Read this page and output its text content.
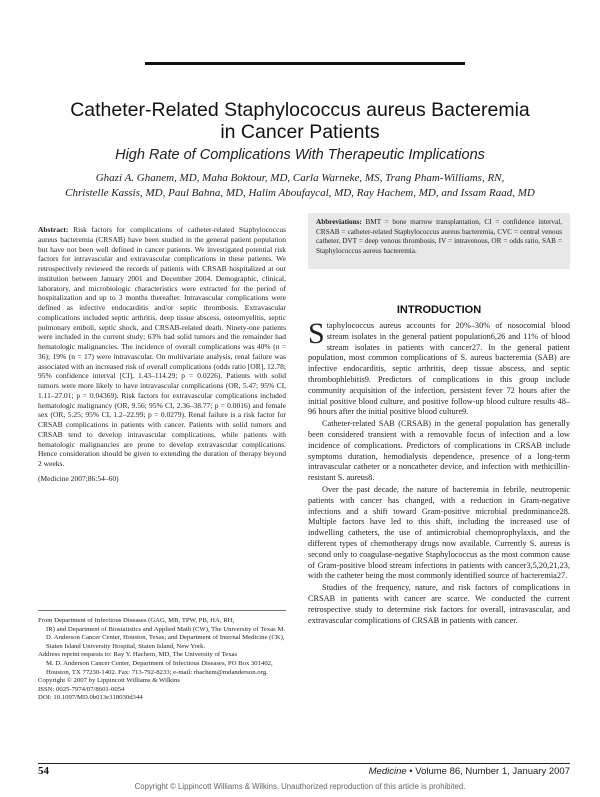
Catheter-Related Staphylococcus aureus Bacteremia
in Cancer Patients
High Rate of Complications With Therapeutic Implications
Ghazi A. Ghanem, MD, Maha Boktour, MD, Carla Warneke, MS, Trang Pham-Williams, RN,
Christelle Kassis, MD, Paul Bahna, MD, Halim Aboufaycal, MD, Ray Hachem, MD, and Issam Raad, MD
Abstract: Risk factors for complications of catheter-related Staphylococcus aureus bacteremia (CRSAB) have been studied in the general patient population but have not been well defined in cancer patients. We investigated potential risk factors for intravascular and extravascular complications in these patients. We retrospectively reviewed the records of patients with CRSAB hospitalized at our institution between January 2001 and December 2004. Demographic, clinical, laboratory, and microbiologic characteristics were extracted for the period of hospitalization and up to 3 months thereafter. Intravascular complications were defined as infective endocarditis and/or septic thrombosis. Extravascular complications included septic arthritis, deep tissue abscess, osteomyelitis, septic pulmonary emboli, septic shock, and CRSAB-related death. Ninety-one patients were included in the current study; 63% had solid tumors and the remainder had hematologic malignancies. The incidence of overall complications was 40% (n = 36); 19% (n = 17) were intravascular. On multivariate analysis, renal failure was associated with an increased risk of overall complications (odds ratio [OR], 12.78; 95% confidence interval [CI], 1.43–114.29; p = 0.0226). Patients with solid tumors were more likely to have intravascular complications (OR, 5.47; 95% CI, 1.11–27.01; p = 0.04369). Risk factors for extravascular complications included hematologic malignancy (OR, 9.56; 95% CI, 2.36–38.77; p = 0.0016) and female sex (OR, 5.25; 95% CI, 1.2–22.99; p = 0.0279). Renal failure is a risk factor for CRSAB complications in patients with cancer. Patients with solid tumors and CRSAB tend to develop intravascular complications, while patients with hematologic malignancies are prone to develop extravascular complications. Hence consideration should be given to extending the duration of therapy beyond 2 weeks.
(Medicine 2007;86:54–60)
Abbreviations: BMT = bone marrow transplantation, CI = confidence interval, CRSAB = catheter-related Staphylococcus aureus bacteremia, CVC = central venous catheter, DVT = deep venous thrombosis, IV = intravenous, OR = odds ratio, SAB = Staphylococcus aureus bacteremia.
INTRODUCTION

Staphylococcus aureus accounts for 20%–30% of nosocomial blood stream isolates in the general patient population6,26 and 11% of blood stream isolates in patients with cancer27. In the general patient population, most common complications of S. aureus bacteremia (SAB) are infective endocarditis, septic arthritis, deep tissue abscess, and septic thrombophlebitis9. Predictors of complications in this group include community acquisition of the infection, persistent fever 72 hours after the initial positive blood culture, and positive follow-up blood culture results 48–96 hours after the initial positive blood culture9.

Catheter-related SAB (CRSAB) in the general population has generally been considered transient with a removable focus of infection and a low incidence of complications. Predictors of complications in CRSAB include symptoms duration, hemodialysis dependence, presence of a long-term intravascular catheter or a noncatheter device, and infection with methicillin-resistant S. aureus8.

Over the past decade, the nature of bacteremia in febrile, neutropenic patients with cancer has changed, with a reduction in Gram-negative infections and a shift toward Gram-positive microbial predominance28. Multiple factors have led to this shift, including the increased use of indwelling catheters, the use of antimicrobial chemoprophylaxis, and the different types of chemotherapy drugs now available. Currently S. aureus is second only to coagulase-negative Staphylococcus as the most common cause of Gram-positive blood stream infections in patients with cancer3,5,20,21,23, with the catheter being the most commonly identified source of bacteremia27.

Studies of the frequency, nature, and risk factors of complications in CRSAB in patients with cancer are scarce. We conducted the current retrospective study to determine risk factors for overall, intravascular, and extravascular complications of CRSAB in patients with cancer.

From Department of Infectious Diseases (GAG, MB, TPW, PB, HA, RH,
IR) and Department of Biostatistics and Applied Math (CW), The University of Texas M. D. Anderson Cancer Center, Houston, Texas; and Department of Internal Medicine (CK), Staten Island University Hospital, Staten Island, New York.
Address reprint requests to: Ray Y. Hachem, MD, The University of Texas
M. D. Anderson Cancer Center, Department of Infectious Diseases, PO Box 301402, Houston, TX 77230-1402. Fax: 713-792-8233; e-mail: rhachem@mdanderson.org.
Copyright © 2007 by Lippincott Williams & Wilkins
ISSN: 0025-7974/07/8601-0054
DOI: 10.1097/MD.0b013e318030d344
54	Medicine • Volume 86, Number 1, January 2007
Copyright © Lippincott Williams & Wilkins. Unauthorized reproduction of this article is prohibited.
